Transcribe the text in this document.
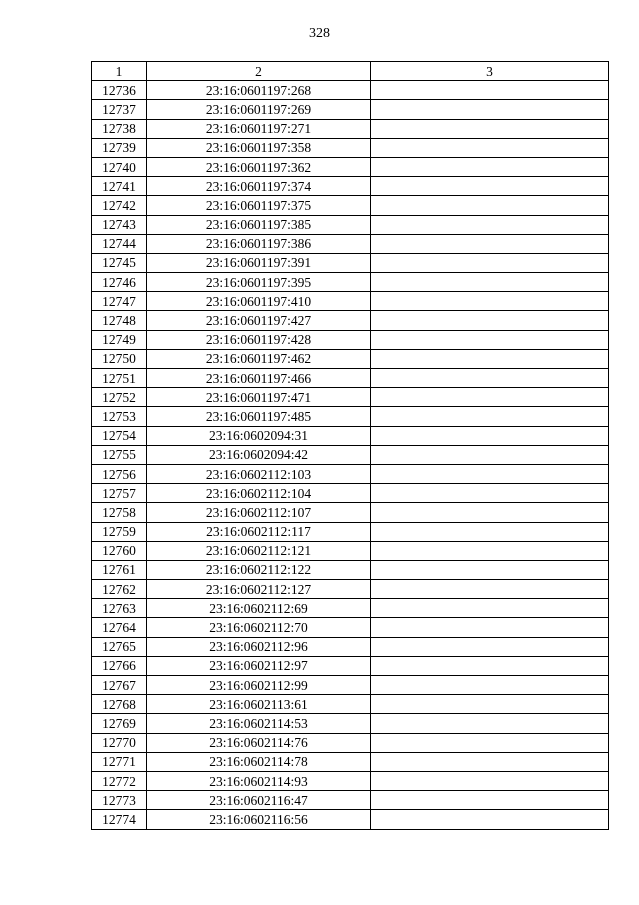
328
1	2	3
12736	23:16:0601197:268	
12737	23:16:0601197:269	
12738	23:16:0601197:271	
12739	23:16:0601197:358	
12740	23:16:0601197:362	
12741	23:16:0601197:374	
12742	23:16:0601197:375	
12743	23:16:0601197:385	
12744	23:16:0601197:386	
12745	23:16:0601197:391	
12746	23:16:0601197:395	
12747	23:16:0601197:410	
12748	23:16:0601197:427	
12749	23:16:0601197:428	
12750	23:16:0601197:462	
12751	23:16:0601197:466	
12752	23:16:0601197:471	
12753	23:16:0601197:485	
12754	23:16:0602094:31	
12755	23:16:0602094:42	
12756	23:16:0602112:103	
12757	23:16:0602112:104	
12758	23:16:0602112:107	
12759	23:16:0602112:117	
12760	23:16:0602112:121	
12761	23:16:0602112:122	
12762	23:16:0602112:127	
12763	23:16:0602112:69	
12764	23:16:0602112:70	
12765	23:16:0602112:96	
12766	23:16:0602112:97	
12767	23:16:0602112:99	
12768	23:16:0602113:61	
12769	23:16:0602114:53	
12770	23:16:0602114:76	
12771	23:16:0602114:78	
12772	23:16:0602114:93	
12773	23:16:0602116:47	
12774	23:16:0602116:56	
